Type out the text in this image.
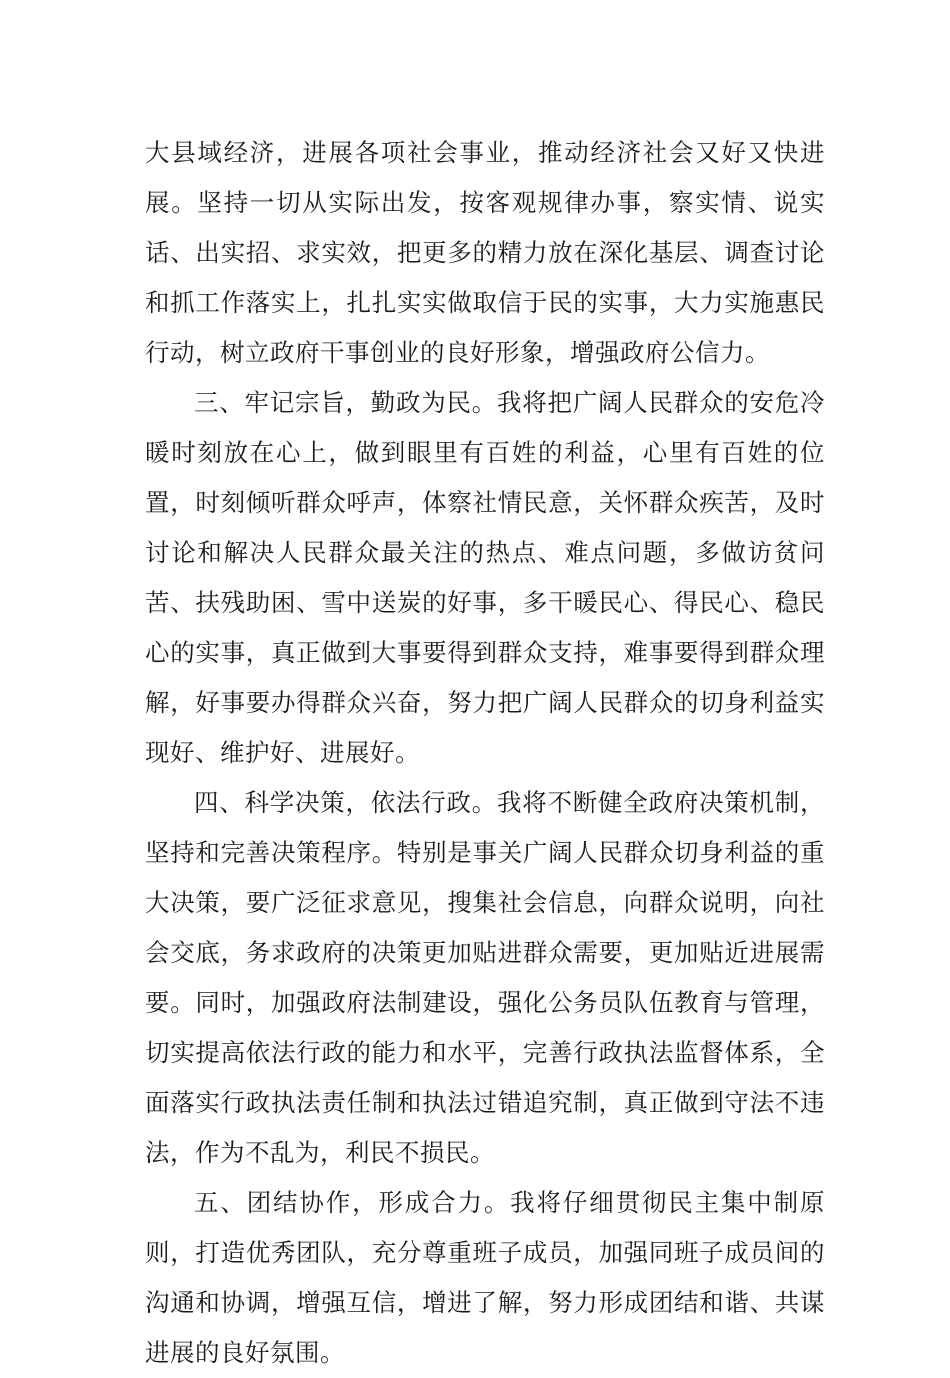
大县域经济，进展各项社会事业，推动经济社会又好又快进展。坚持一切从实际出发，按客观规律办事，察实情、说实话、出实招、求实效，把更多的精力放在深化基层、调查讨论和抓工作落实上，扎扎实实做取信于民的实事，大力实施惠民行动，树立政府干事创业的良好形象，增强政府公信力。

三、牢记宗旨，勤政为民。我将把广阔人民群众的安危冷暖时刻放在心上，做到眼里有百姓的利益，心里有百姓的位置，时刻倾听群众呼声，体察社情民意，关怀群众疾苦，及时讨论和解决人民群众最关注的热点、难点问题，多做访贫问苦、扶残助困、雪中送炭的好事，多干暖民心、得民心、稳民心的实事，真正做到大事要得到群众支持，难事要得到群众理解，好事要办得群众兴奋，努力把广阔人民群众的切身利益实现好、维护好、进展好。

四、科学决策，依法行政。我将不断健全政府决策机制，坚持和完善决策程序。特别是事关广阔人民群众切身利益的重大决策，要广泛征求意见，搜集社会信息，向群众说明，向社会交底，务求政府的决策更加贴进群众需要，更加贴近进展需要。同时，加强政府法制建设，强化公务员队伍教育与管理，切实提高依法行政的能力和水平，完善行政执法监督体系，全面落实行政执法责任制和执法过错追究制，真正做到守法不违法，作为不乱为，利民不损民。

五、团结协作，形成合力。我将仔细贯彻民主集中制原则，打造优秀团队，充分尊重班子成员，加强同班子成员间的沟通和协调，增强互信，增进了解，努力形成团结和谐、共谋进展的良好氛围。
